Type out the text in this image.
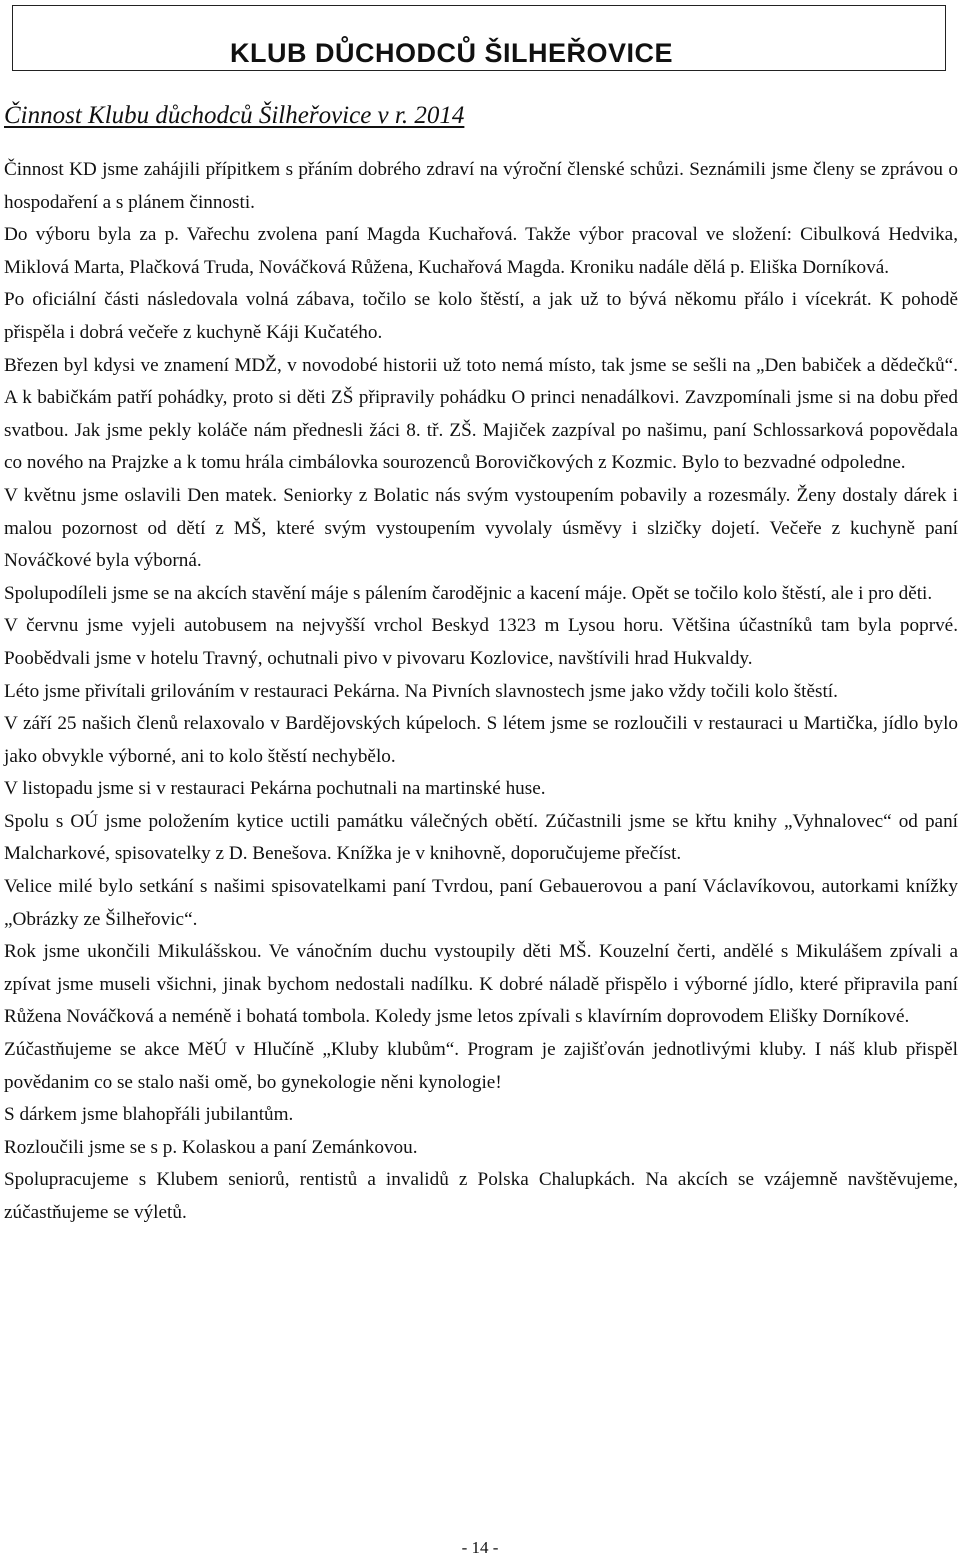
KLUB DŮCHODCŮ ŠILHEŘOVICE
Činnost Klubu důchodců Šilheřovice v r. 2014

Činnost KD jsme zahájili přípitkem s přáním dobrého zdraví na výroční členské schůzi. Seznámili jsme členy se zprávou o hospodaření a s plánem činnosti.

Do výboru byla za p. Vařechu zvolena paní Magda Kuchařová. Takže výbor pracoval ve složení: Cibulková Hedvika, Miklová Marta, Plačková Truda, Nováčková Růžena, Kuchařová Magda. Kroniku nadále dělá p. Eliška Dorníková.

Po oficiální části následovala volná zábava, točilo se kolo štěstí, a jak už to bývá někomu přálo i vícekrát. K pohodě přispěla i dobrá večeře z kuchyně Káji Kučatého.

Březen byl kdysi ve znamení MDŽ, v novodobé historii už toto nemá místo, tak jsme se sešli na „Den babiček a dědečků“. A k babičkám patří pohádky, proto si děti ZŠ připravily pohádku O princi nenadálkovi. Zavzpomínali jsme si na dobu před svatbou. Jak jsme pekly koláče nám přednesli žáci 8. tř. ZŠ. Majiček zazpíval po našimu, paní Schlossarková popovědala co nového na Prajzke a k tomu hrála cimbálovka sourozenců Borovičkových z Kozmic. Bylo to bezvadné odpoledne.

V květnu jsme oslavili Den matek. Seniorky z Bolatic nás svým vystoupením pobavily a rozesmály. Ženy dostaly dárek i malou pozornost od dětí z MŠ, které svým vystoupením vyvolaly úsměvy i slzičky dojetí. Večeře z kuchyně paní Nováčkové byla výborná.

Spolupodíleli jsme se na akcích stavění máje s pálením čarodějnic a kacení máje. Opět se točilo kolo štěstí, ale i pro děti.

V červnu jsme vyjeli autobusem na nejvyšší vrchol Beskyd 1323 m Lysou horu. Většina účastníků tam byla poprvé. Poobědvali jsme v hotelu Travný, ochutnali pivo v pivovaru Kozlovice, navštívili hrad Hukvaldy.

Léto jsme přivítali grilováním v restauraci Pekárna. Na Pivních slavnostech jsme jako vždy točili kolo štěstí.

V září 25 našich členů relaxovalo v Bardějovských kúpeloch. S létem jsme se rozloučili v restauraci u Martička, jídlo bylo jako obvykle výborné, ani to kolo štěstí nechybělo.

V listopadu jsme si v restauraci Pekárna pochutnali na martinské huse.

Spolu s OÚ jsme položením kytice uctili památku válečných obětí. Zúčastnili jsme se křtu knihy „Vyhnalovec“ od paní Malcharkové, spisovatelky z D. Benešova. Knížka je v knihovně, doporučujeme přečíst.

Velice milé bylo setkání s našimi spisovatelkami paní Tvrdou, paní Gebauerovou a paní Václavíkovou, autorkami knížky „Obrázky ze Šilheřovic“.

Rok jsme ukončili Mikulášskou. Ve vánočním duchu vystoupily děti MŠ. Kouzelní čerti, andělé s Mikulášem zpívali a zpívat jsme museli všichni, jinak bychom nedostali nadílku. K dobré náladě přispělo i výborné jídlo, které připravila paní Růžena Nováčková a neméně i bohatá tombola. Koledy jsme letos zpívali s klavírním doprovodem Elišky Dorníkové.

Zúčastňujeme se akce MěÚ v Hlučíně „Kluby klubům“. Program je zajišťován jednotlivými kluby. I náš klub přispěl povědanim co se stalo naši omě, bo gynekologie něni kynologie!

S dárkem jsme blahopřáli jubilantům.

Rozloučili jsme se s p. Kolaskou a paní Zemánkovou.

Spolupracujeme s Klubem seniorů, rentistů a invalidů z Polska Chalupkách. Na akcích se vzájemně navštěvujeme, zúčastňujeme se výletů.

- 14 -
